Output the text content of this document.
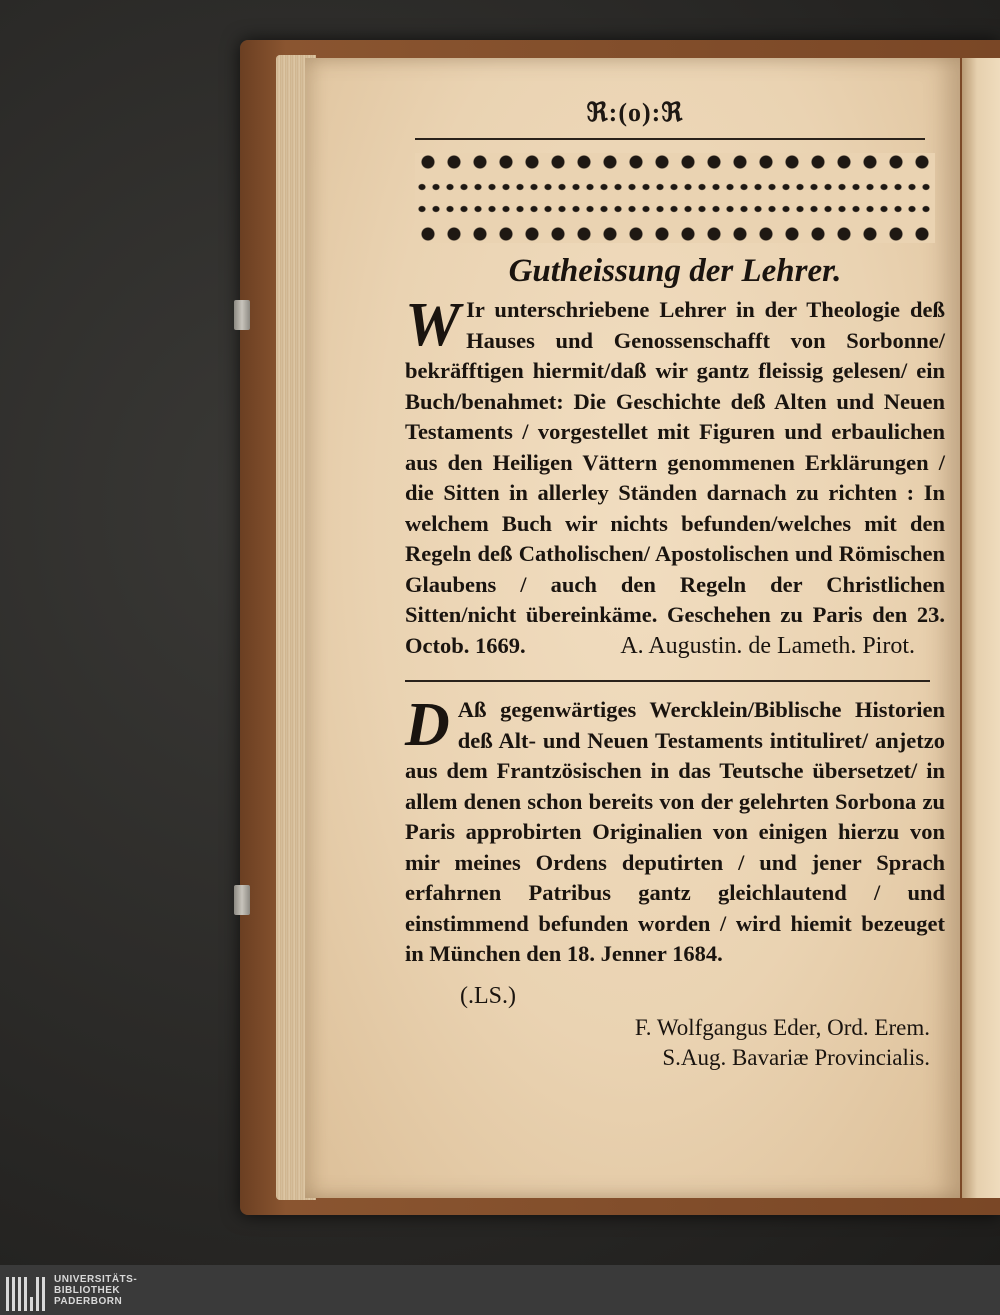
ℜ:(o):ℜ
Gutheissung der Lehrer.
W Ir unterschriebene Lehrer in der Theologie deß Hauses und Genossenschafft von Sorbonne/ bekräfftigen hiermit/daß wir gantz fleissig gelesen/ ein Buch/benahmet: Die Geschichte deß Alten und Neuen Testaments / vorgestellet mit Figuren und erbaulichen aus den Heiligen Vättern genommenen Erklärungen / die Sitten in allerley Ständen darnach zu richten : In welchem Buch wir nichts befunden/welches mit den Regeln deß Catholischen/ Apostolischen und Römischen Glaubens / auch den Regeln der Christlichen Sitten/nicht übereinkäme. Geschehen zu Paris den 23. Octob. 1669.	A. Augustin. de Lameth. Pirot.
D Aß gegenwärtiges Wercklein/Biblische Historien deß Alt- und Neuen Testaments intituliret/ anjetzo aus dem Frantzösischen in das Teutsche übersetzet/ in allem denen schon bereits von der gelehrten Sorbona zu Paris approbirten Originalien von einigen hierzu von mir meines Ordens deputirten / und jener Sprach erfahrnen Patribus gantz gleichlautend / und einstimmend befunden worden / wird hiemit bezeuget in München den 18. Jenner 1684.
(.LS.)
F. Wolfgangus Eder, Ord. Erem.
S.Aug. Bavariæ Provincialis.
UNIVERSITÄTS-
BIBLIOTHEK
PADERBORN
